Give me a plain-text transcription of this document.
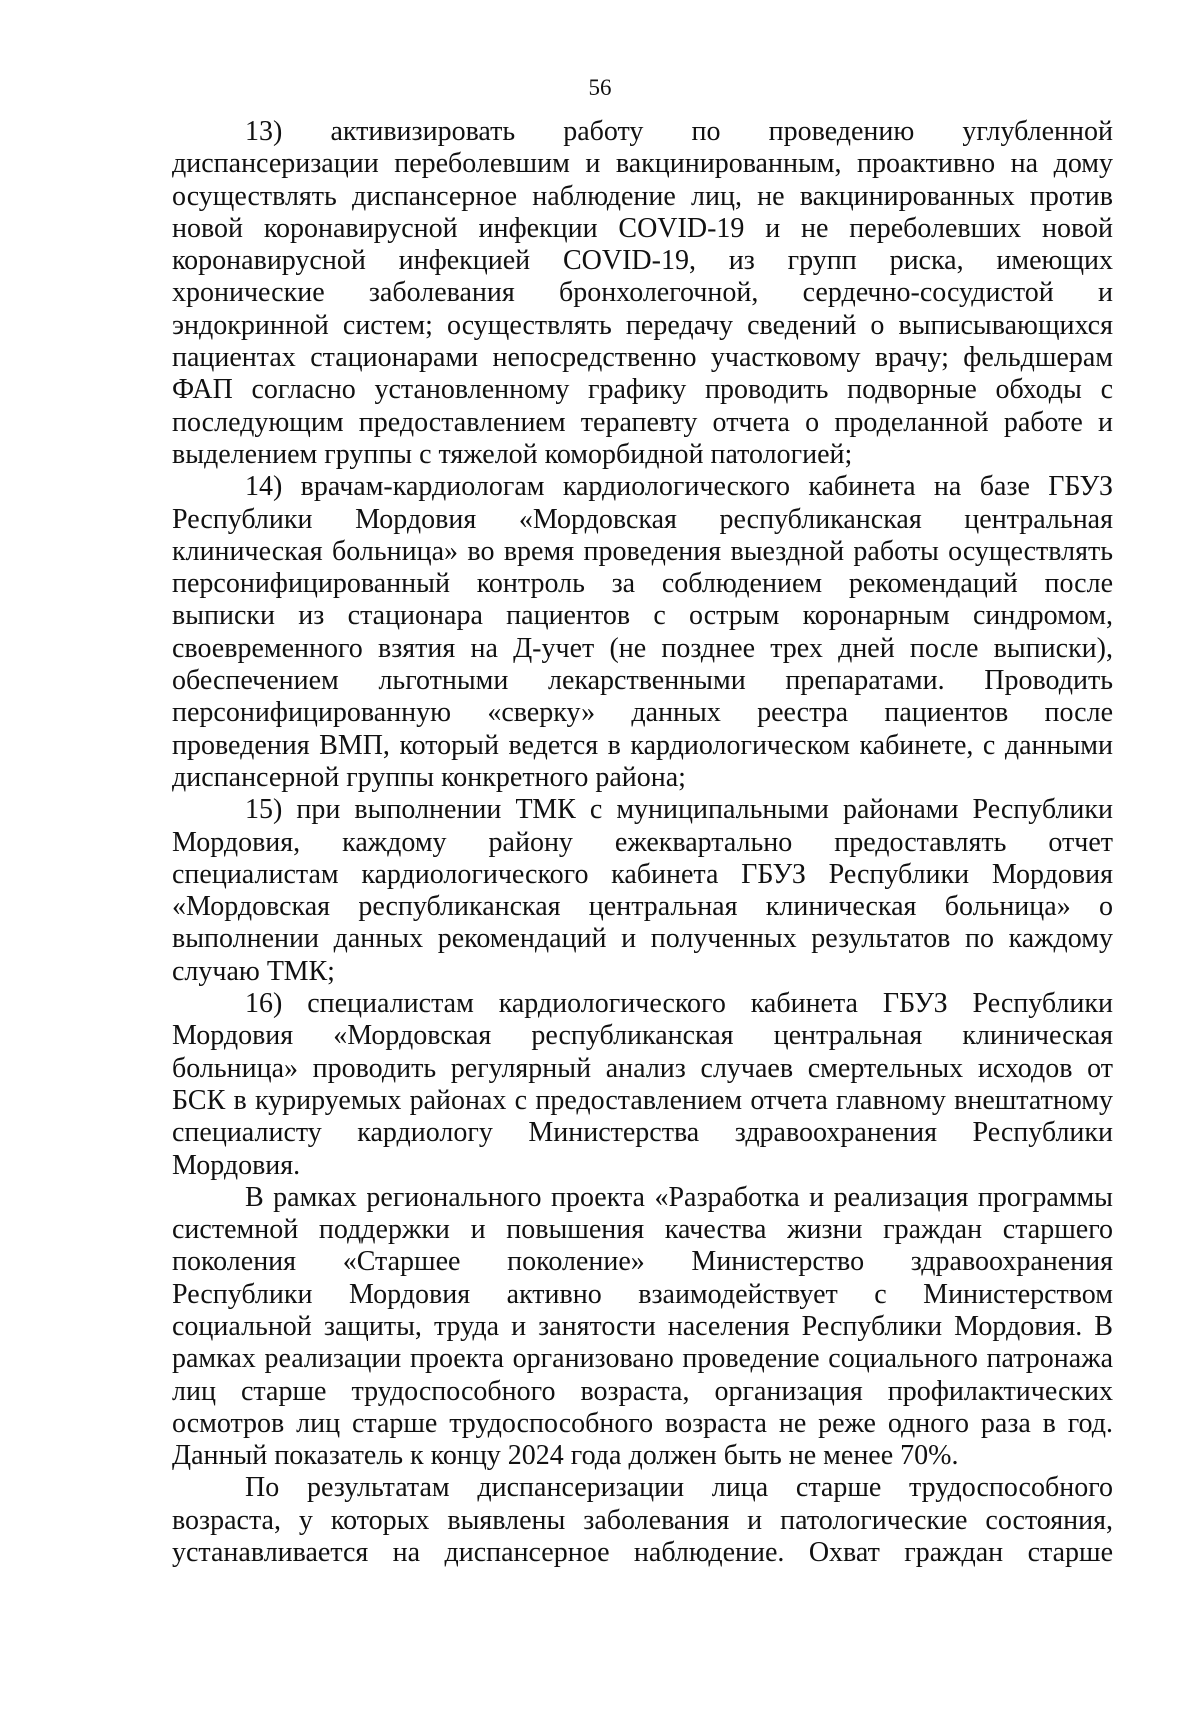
56
13) активизировать работу по проведению углубленной
диспансеризации переболевшим и вакцинированным, проактивно на дому
осуществлять диспансерное наблюдение лиц, не вакцинированных против
новой коронавирусной инфекции COVID-19 и не переболевших новой
коронавирусной инфекцией COVID-19, из групп риска, имеющих
хронические заболевания бронхолегочной, сердечно-сосудистой и
эндокринной систем; осуществлять передачу сведений о выписывающихся
пациентах стационарами непосредственно участковому врачу; фельдшерам
ФАП согласно установленному графику проводить подворные обходы с
последующим предоставлением терапевту отчета о проделанной работе и
выделением группы с тяжелой коморбидной патологией;
14) врачам-кардиологам кардиологического кабинета на базе ГБУЗ
Республики Мордовия «Мордовская республиканская центральная
клиническая больница» во время проведения выездной работы осуществлять
персонифицированный контроль за соблюдением рекомендаций после
выписки из стационара пациентов с острым коронарным синдромом,
своевременного взятия на Д-учет (не позднее трех дней после выписки),
обеспечением льготными лекарственными препаратами. Проводить
персонифицированную «сверку» данных реестра пациентов после
проведения ВМП, который ведется в кардиологическом кабинете, с данными
диспансерной группы конкретного района;
15) при выполнении ТМК с муниципальными районами Республики
Мордовия, каждому району ежеквартально предоставлять отчет
специалистам кардиологического кабинета ГБУЗ Республики Мордовия
«Мордовская республиканская центральная клиническая больница» о
выполнении данных рекомендаций и полученных результатов по каждому
случаю ТМК;
16) специалистам кардиологического кабинета ГБУЗ Республики
Мордовия «Мордовская республиканская центральная клиническая
больница» проводить регулярный анализ случаев смертельных исходов от
БСК в курируемых районах с предоставлением отчета главному внештатному
специалисту кардиологу Министерства здравоохранения Республики
Мордовия.
В рамках регионального проекта «Разработка и реализация программы
системной поддержки и повышения качества жизни граждан старшего
поколения «Старшее поколение» Министерство здравоохранения
Республики Мордовия активно взаимодействует с Министерством
социальной защиты, труда и занятости населения Республики Мордовия. В
рамках реализации проекта организовано проведение социального патронажа
лиц старше трудоспособного возраста, организация профилактических
осмотров лиц старше трудоспособного возраста не реже одного раза в год.
Данный показатель к концу 2024 года должен быть не менее 70%.
По результатам диспансеризации лица старше трудоспособного
возраста, у которых выявлены заболевания и патологические состояния,
устанавливается на диспансерное наблюдение. Охват граждан старше
